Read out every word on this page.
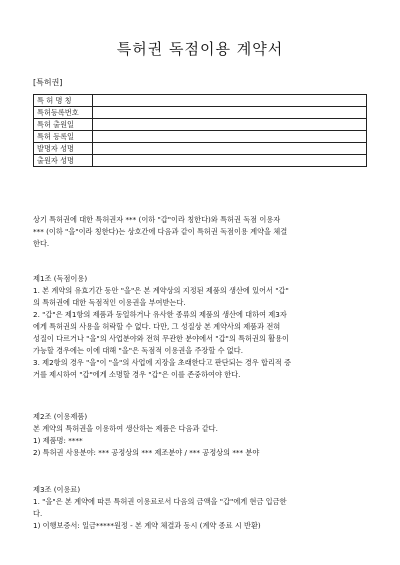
특허권 독점이용 계약서
[특허권]
특 허 명 칭	
특허등록번호	
특허 출원일	
특허 등록일	
발명자 성명	
출원자 성명	

상기 특허권에 대한 특허권자 *** (이하 "갑"이라 칭한다)와 특허권 독점 이용자
*** (이하 "을"이라 칭한다)는 상호간에 다음과 같이 특허권 독점이용 계약을 체결
한다.

제1조 (독점이용)
1. 본 계약의 유효기간 동안 "을"은 본 계약상의 지정된 제품의 생산에 있어서 "갑"
의 특허권에 대한 독점적인 이용권을 부여받는다.
2. "갑"은 제1항의 제품과 동일하거나 유사한 종류의 제품의 생산에 대하여 제3자
에게 특허권의 사용을 허락할 수 없다. 다만, 그 성질상 본 계약사의 제품과 전혀
성질이 다르거나 "을"의 사업분야와 전혀 무관한 분야에서 "갑"의 특허권의 활용이
가능할 경우에는 이에 대해 "을"은 독점적 이용권을 주장할 수 없다.
3. 제2항의 경우 "을"이 "을"의 사업에 지장을 초래한다고 판단되는 경우 합리적 증
거를 제시하여 "갑"에게 소명할 경우 "갑"은 이를 존중하여야 한다.

제2조 (이용제품)
본 계약의 특허권을 이용하여 생산하는 제품은 다음과 같다.
1) 제품명: ****
2) 특허권 사용분야: *** 공정상의 *** 제조분야 / *** 공정상의 *** 분야

제3조 (이용료)
1. "을"은 본 계약에 따른 특허권 이용료로서 다음의 금액을 "갑"에게 현금 입금한
다.
1) 이행보증서: 일금*****원정 - 본 계약 체결과 동시 (계약 종료 시 반환)
